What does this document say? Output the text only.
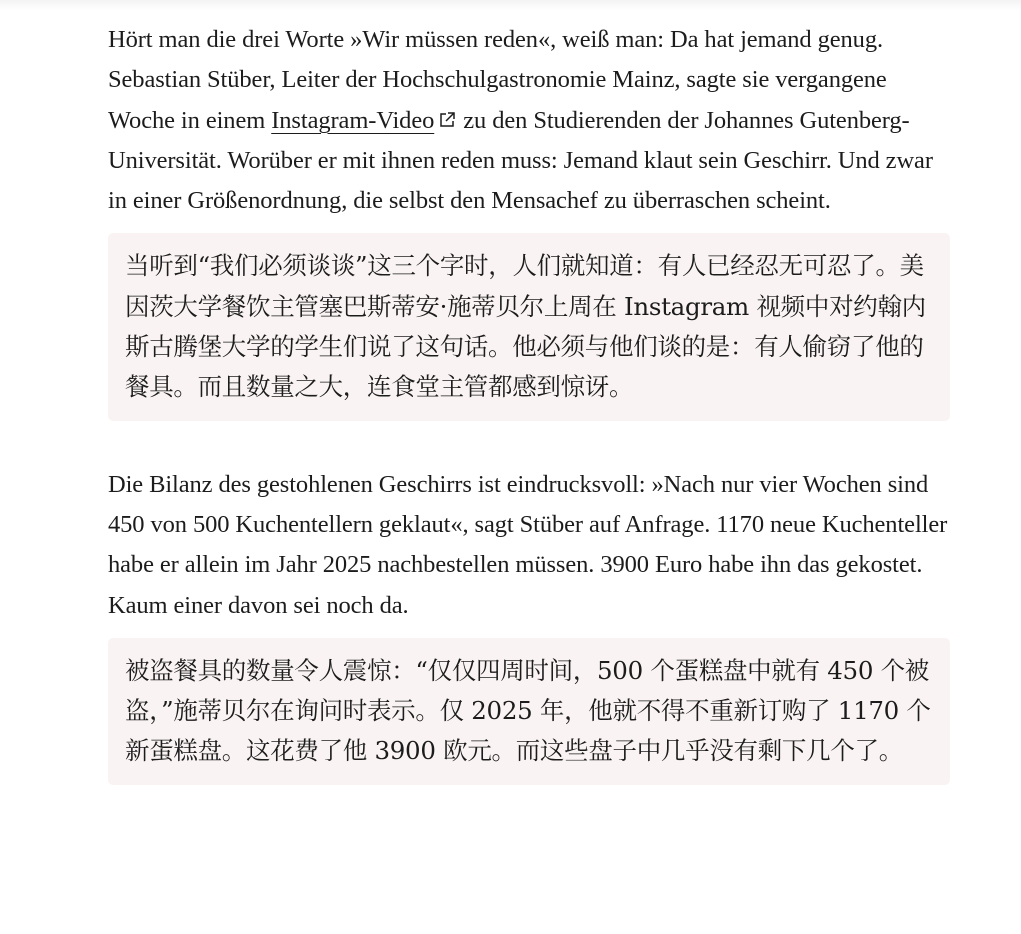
Hört man die drei Worte »Wir müssen reden«, weiß man: Da hat jemand genug. Sebastian Stüber, Leiter der Hochschulgastronomie Mainz, sagte sie vergangene Woche in einem Instagram-Video zu den Studierenden der Johannes Gutenberg-Universität. Worüber er mit ihnen reden muss: Jemand klaut sein Geschirr. Und zwar in einer Größenordnung, die selbst den Mensachef zu überraschen scheint.

当听到“我们必须谈谈”这三个字时，人们就知道：有人已经忍无可忍了。美因茨大学餐饮主管塞巴斯蒂安·施蒂贝尔上周在 Instagram 视频中对约翰内斯古腾堡大学的学生们说了这句话。他必须与他们谈的是：有人偷窃了他的餐具。而且数量之大，连食堂主管都感到惊讶。

Die Bilanz des gestohlenen Geschirrs ist eindrucksvoll: »Nach nur vier Wochen sind 450 von 500 Kuchentellern geklaut«, sagt Stüber auf Anfrage. 1170 neue Kuchenteller habe er allein im Jahr 2025 nachbestellen müssen. 3900 Euro habe ihn das gekostet. Kaum einer davon sei noch da.

被盗餐具的数量令人震惊：“仅仅四周时间，500 个蛋糕盘中就有 450 个被盗，”施蒂贝尔在询问时表示。仅 2025 年，他就不得不重新订购了 1170 个新蛋糕盘。这花费了他 3900 欧元。而这些盘子中几乎没有剩下几个了。
